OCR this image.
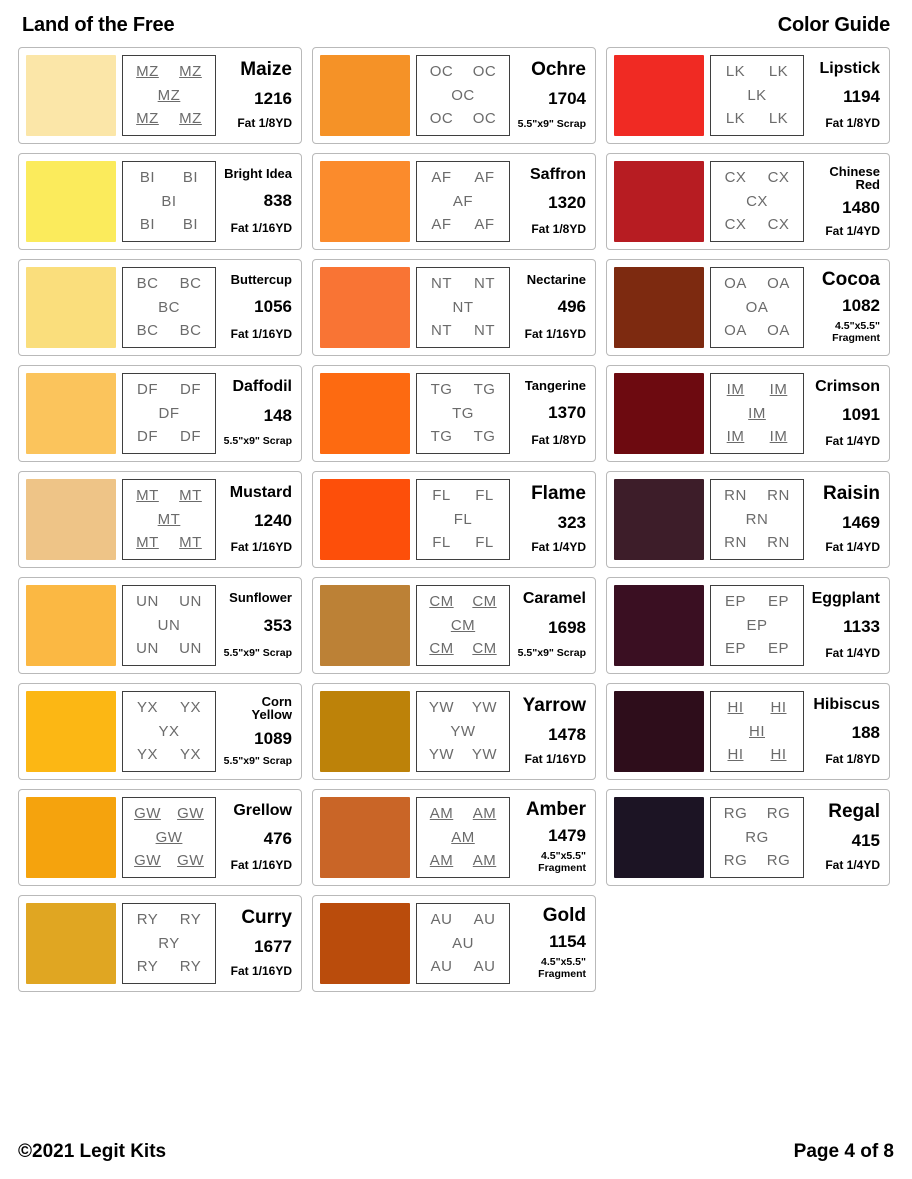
Land of the Free	Color Guide
MZ MZ
MZ
MZ MZ
Maize
1216
Fat 1/8YD
BI BI
BI
BI BI
Bright Idea
838
Fat 1/16YD
BC BC
BC
BC BC
Buttercup
1056
Fat 1/16YD
DF DF
DF
DF DF
Daffodil
148
5.5"x9" Scrap
MT MT
MT
MT MT
Mustard
1240
Fat 1/16YD
UN UN
UN
UN UN
Sunflower
353
5.5"x9" Scrap
YX YX
YX
YX YX
Corn Yellow
1089
5.5"x9" Scrap
GW GW
GW
GW GW
Grellow
476
Fat 1/16YD
RY RY
RY
RY RY
Curry
1677
Fat 1/16YD
OC OC
OC
OC OC
Ochre
1704
5.5"x9" Scrap
AF AF
AF
AF AF
Saffron
1320
Fat 1/8YD
NT NT
NT
NT NT
Nectarine
496
Fat 1/16YD
TG TG
TG
TG TG
Tangerine
1370
Fat 1/8YD
FL FL
FL
FL FL
Flame
323
Fat 1/4YD
CM CM
CM
CM CM
Caramel
1698
5.5"x9" Scrap
YW YW
YW
YW YW
Yarrow
1478
Fat 1/16YD
AM AM
AM
AM AM
Amber
1479
4.5"x5.5" Fragment
AU AU
AU
AU AU
Gold
1154
4.5"x5.5" Fragment
LK LK
LK
LK LK
Lipstick
1194
Fat 1/8YD
CX CX
CX
CX CX
Chinese Red
1480
Fat 1/4YD
OA OA
OA
OA OA
Cocoa
1082
4.5"x5.5" Fragment
IM IM
IM
IM IM
Crimson
1091
Fat 1/4YD
RN RN
RN
RN RN
Raisin
1469
Fat 1/4YD
EP EP
EP
EP EP
Eggplant
1133
Fat 1/4YD
HI HI
HI
HI HI
Hibiscus
188
Fat 1/8YD
RG RG
RG
RG RG
Regal
415
Fat 1/4YD
©2021 Legit Kits	Page 4 of 8
